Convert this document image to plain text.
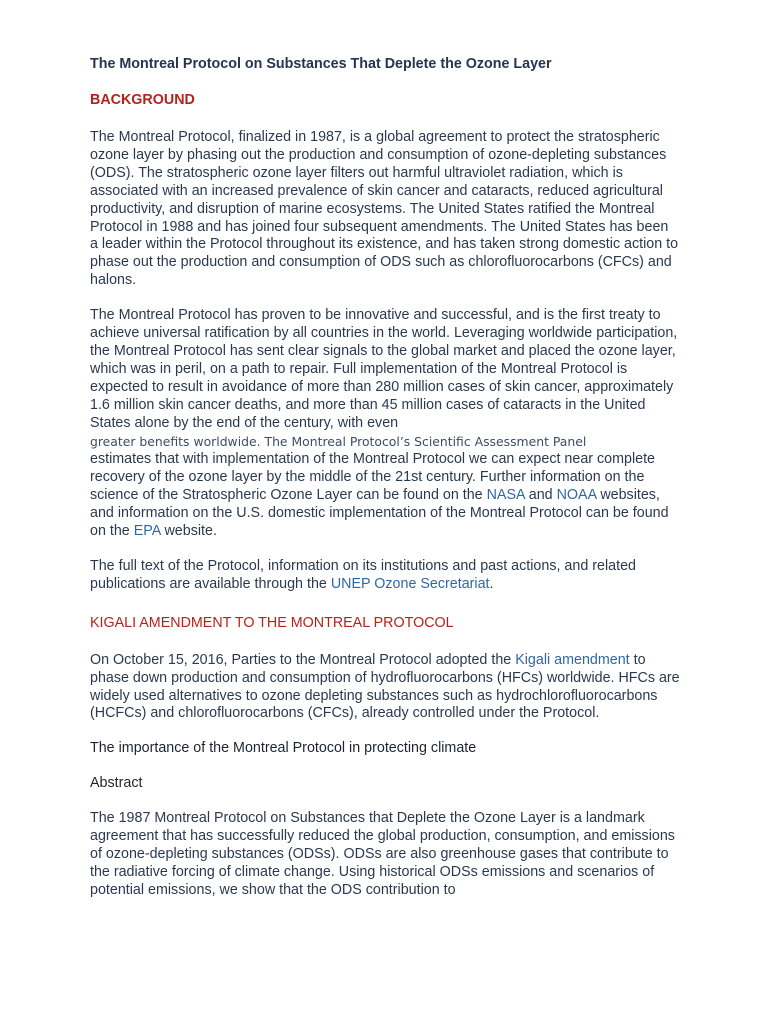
The Montreal Protocol on Substances That Deplete the Ozone Layer
BACKGROUND

The Montreal Protocol, finalized in 1987, is a global agreement to protect the stratospheric ozone layer by phasing out the production and consumption of ozone-depleting substances (ODS). The stratospheric ozone layer filters out harmful ultraviolet radiation, which is associated with an increased prevalence of skin cancer and cataracts, reduced agricultural productivity, and disruption of marine ecosystems. The United States ratified the Montreal Protocol in 1988 and has joined four subsequent amendments. The United States has been a leader within the Protocol throughout its existence, and has taken strong domestic action to phase out the production and consumption of ODS such as chlorofluorocarbons (CFCs) and halons.

The Montreal Protocol has proven to be innovative and successful, and is the first treaty to achieve universal ratification by all countries in the world. Leveraging worldwide participation, the Montreal Protocol has sent clear signals to the global market and placed the ozone layer, which was in peril, on a path to repair. Full implementation of the Montreal Protocol is expected to result in avoidance of more than 280 million cases of skin cancer, approximately 1.6 million skin cancer deaths, and more than 45 million cases of cataracts in the United States alone by the end of the century, with even
greater benefits worldwide. The Montreal Protocol’s Scientific Assessment Panel
estimates that with implementation of the Montreal Protocol we can expect near complete recovery of the ozone layer by the middle of the 21st century. Further information on the science of the Stratospheric Ozone Layer can be found on the NASA and NOAA websites, and information on the U.S. domestic implementation of the Montreal Protocol can be found on the EPA website.

The full text of the Protocol, information on its institutions and past actions, and related publications are available through the UNEP Ozone Secretariat.

KIGALI AMENDMENT TO THE MONTREAL PROTOCOL

On October 15, 2016, Parties to the Montreal Protocol adopted the Kigali amendment to phase down production and consumption of hydrofluorocarbons (HFCs) worldwide. HFCs are widely used alternatives to ozone depleting substances such as hydrochlorofluorocarbons (HCFCs) and chlorofluorocarbons (CFCs), already controlled under the Protocol.

The importance of the Montreal Protocol in protecting climate

Abstract

The 1987 Montreal Protocol on Substances that Deplete the Ozone Layer is a landmark agreement that has successfully reduced the global production, consumption, and emissions of ozone-depleting substances (ODSs). ODSs are also greenhouse gases that contribute to the radiative forcing of climate change. Using historical ODSs emissions and scenarios of potential emissions, we show that the ODS contribution to
